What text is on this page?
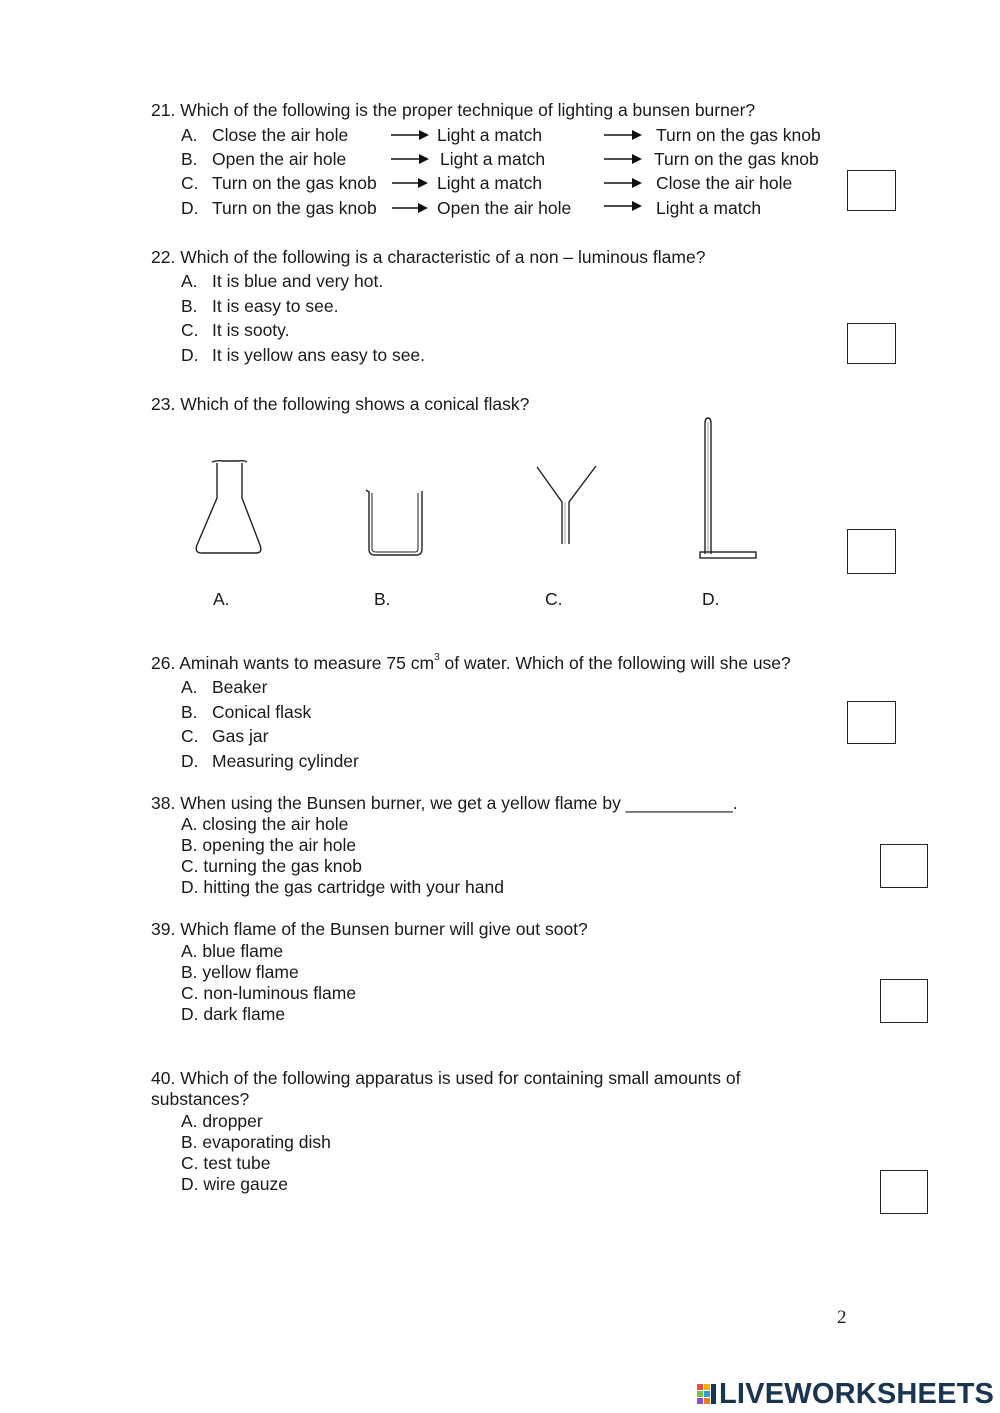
21. Which of the following is the proper technique of lighting a bunsen burner?
A. Close the air hole	Light a match	Turn on the gas knob
B. Open the air hole	Light a match	Turn on the gas knob
C. Turn on the gas knob	Light a match	Close the air hole
D. Turn on the gas knob	Open the air hole	Light a match
22. Which of the following is a characteristic of a non – luminous flame?
A. It is blue and very hot.
B. It is easy to see.
C. It is sooty.
D. It is yellow ans easy to see.
23. Which of the following shows a conical flask?
A.	B.	C.	D.
26. Aminah wants to measure 75 $cm^3$ of water. Which of the following will she use?
A. Beaker
B. Conical flask
C. Gas jar
D. Measuring cylinder
38. When using the Bunsen burner, we get a yellow flame by ___________.
A. closing the air hole
B. opening the air hole
C. turning the gas knob
D. hitting the gas cartridge with your hand
39. Which flame of the Bunsen burner will give out soot?
A. blue flame
B. yellow flame
C. non-luminous flame
D. dark flame
40. Which of the following apparatus is used for containing small amounts of
substances?
A. dropper
B. evaporating dish
C. test tube
D. wire gauze
2
LIVEWORKSHEETS
